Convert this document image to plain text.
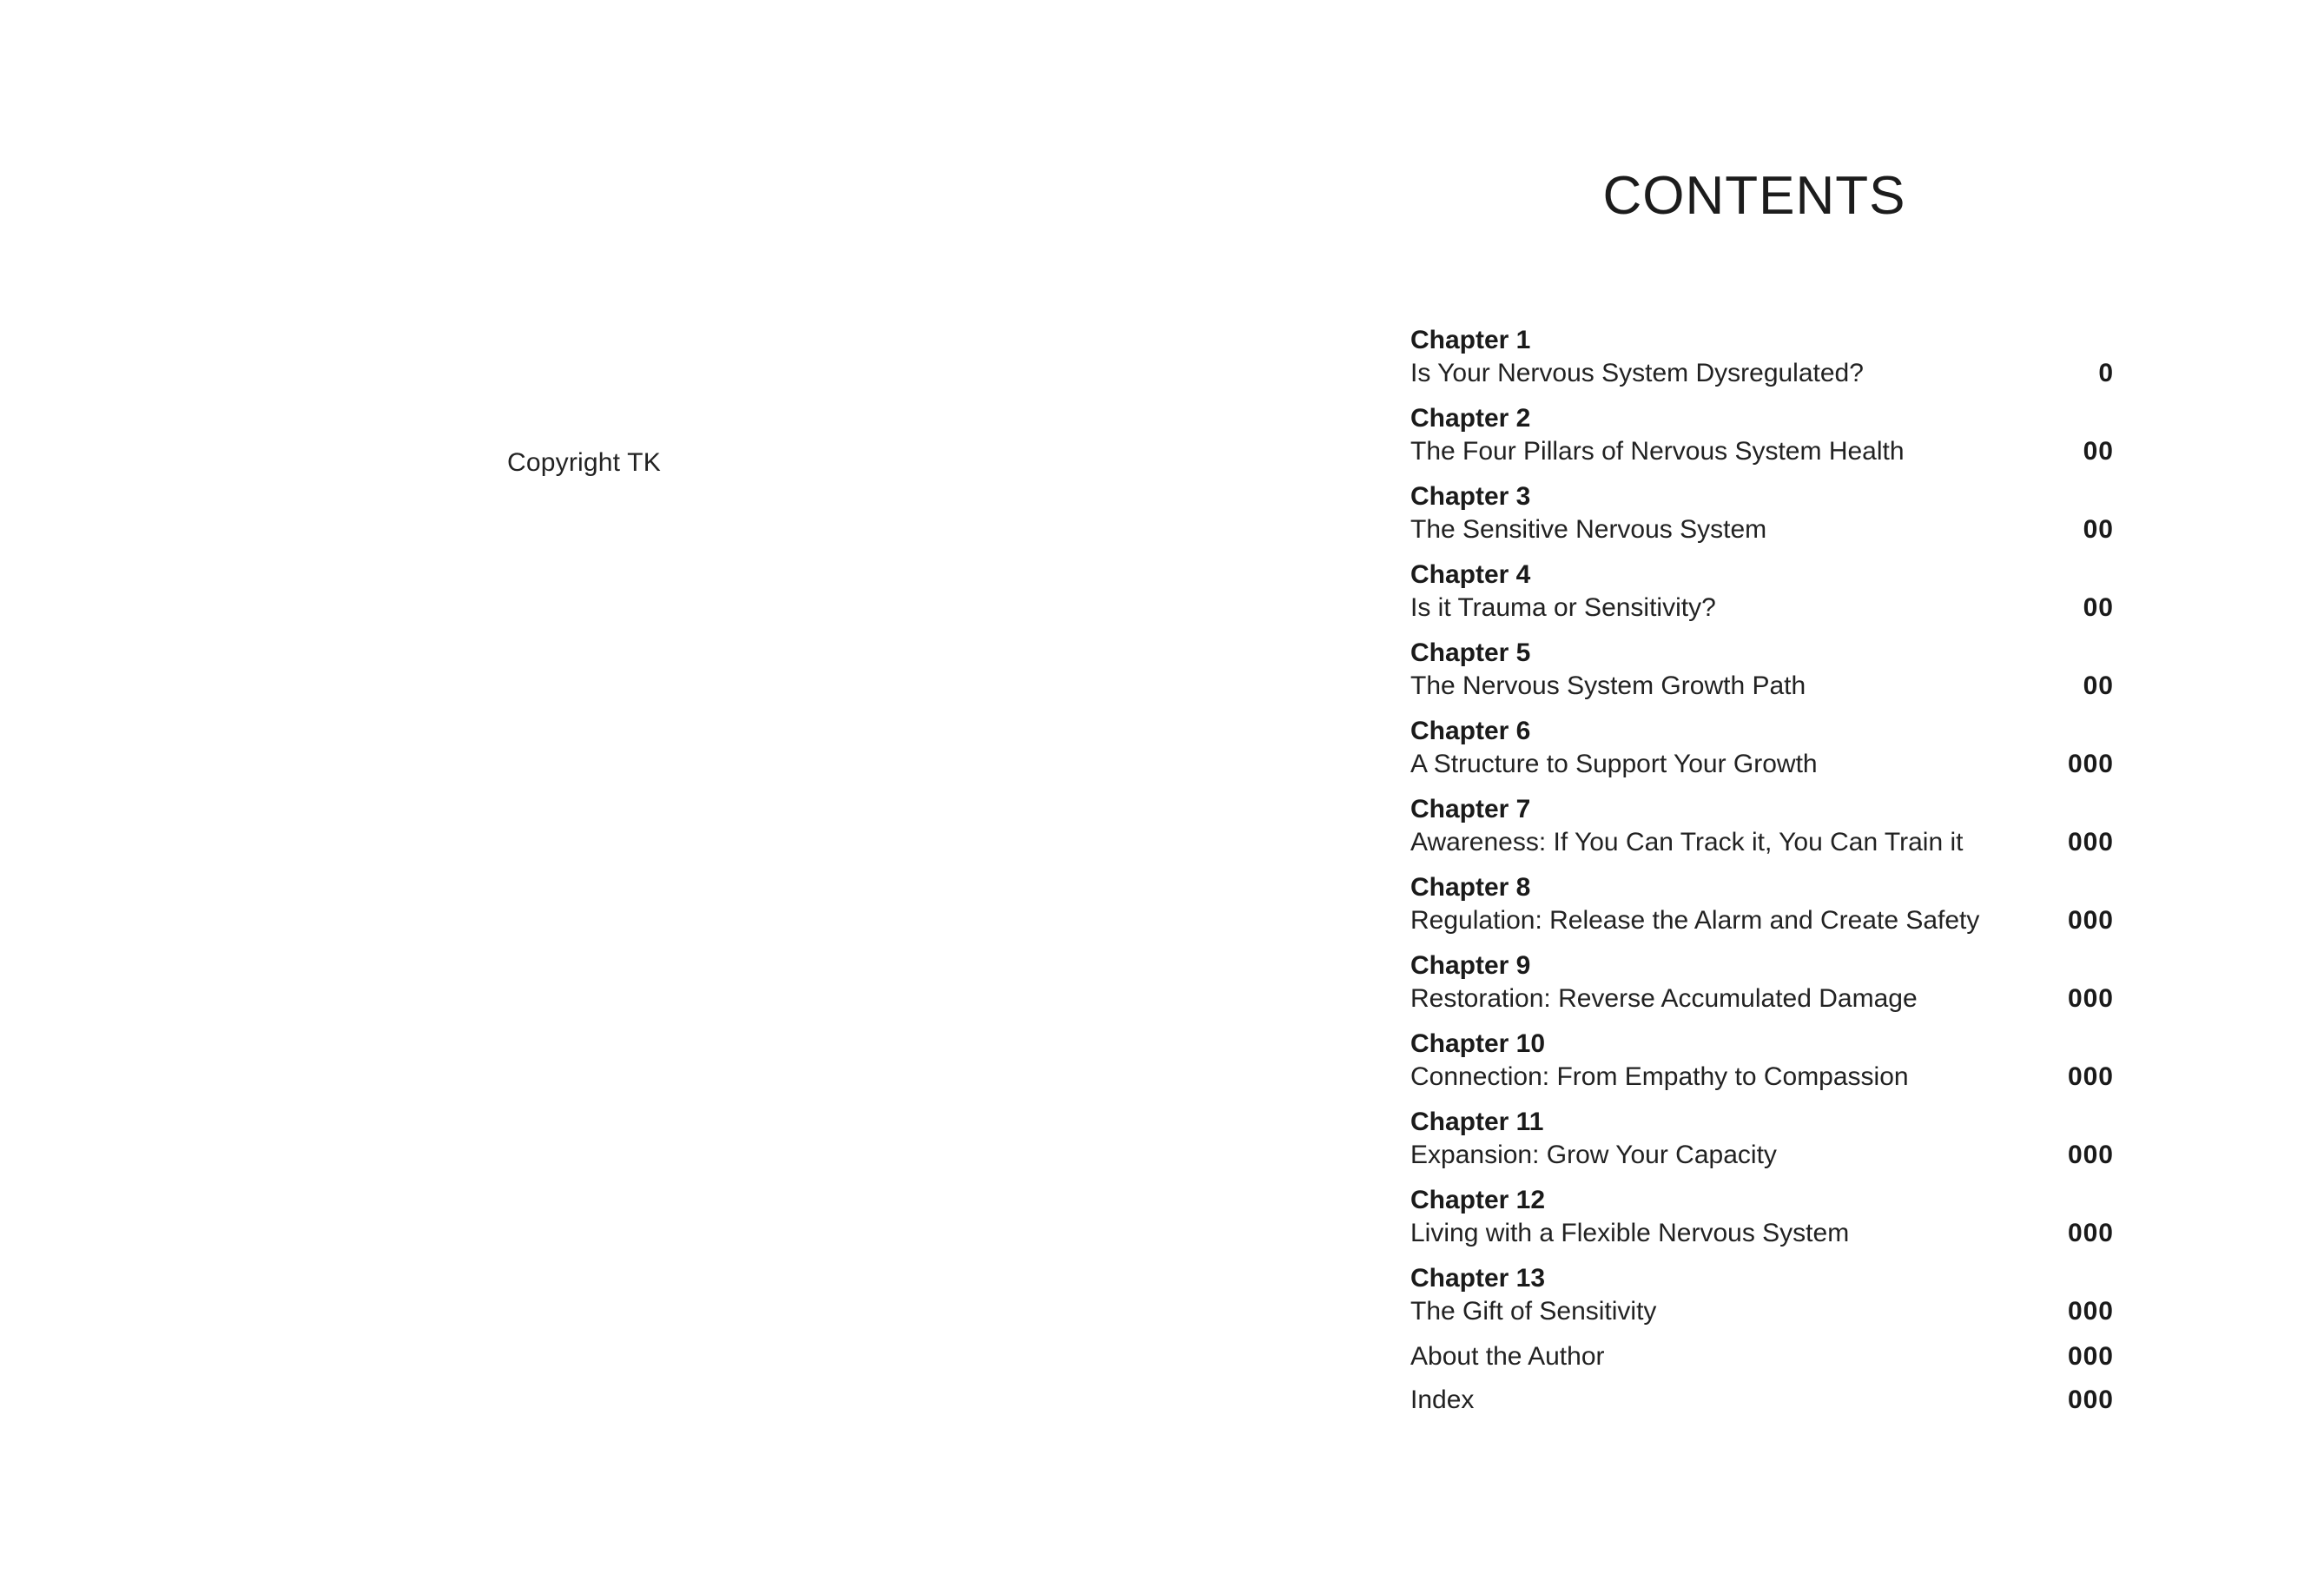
Copyright TK
CONTENTS
Chapter 1
Is Your Nervous System Dysregulated?	0
Chapter 2
The Four Pillars of Nervous System Health	00
Chapter 3
The Sensitive Nervous System	00
Chapter 4
Is it Trauma or Sensitivity?	00
Chapter 5
The Nervous System Growth Path	00
Chapter 6
A Structure to Support Your Growth	000
Chapter 7
Awareness: If You Can Track it, You Can Train it	000
Chapter 8
Regulation: Release the Alarm and Create Safety	000
Chapter 9
Restoration: Reverse Accumulated Damage	000
Chapter 10
Connection: From Empathy to Compassion	000
Chapter 11
Expansion: Grow Your Capacity	000
Chapter 12
Living with a Flexible Nervous System	000
Chapter 13
The Gift of Sensitivity	000
About the Author	000
Index	000
